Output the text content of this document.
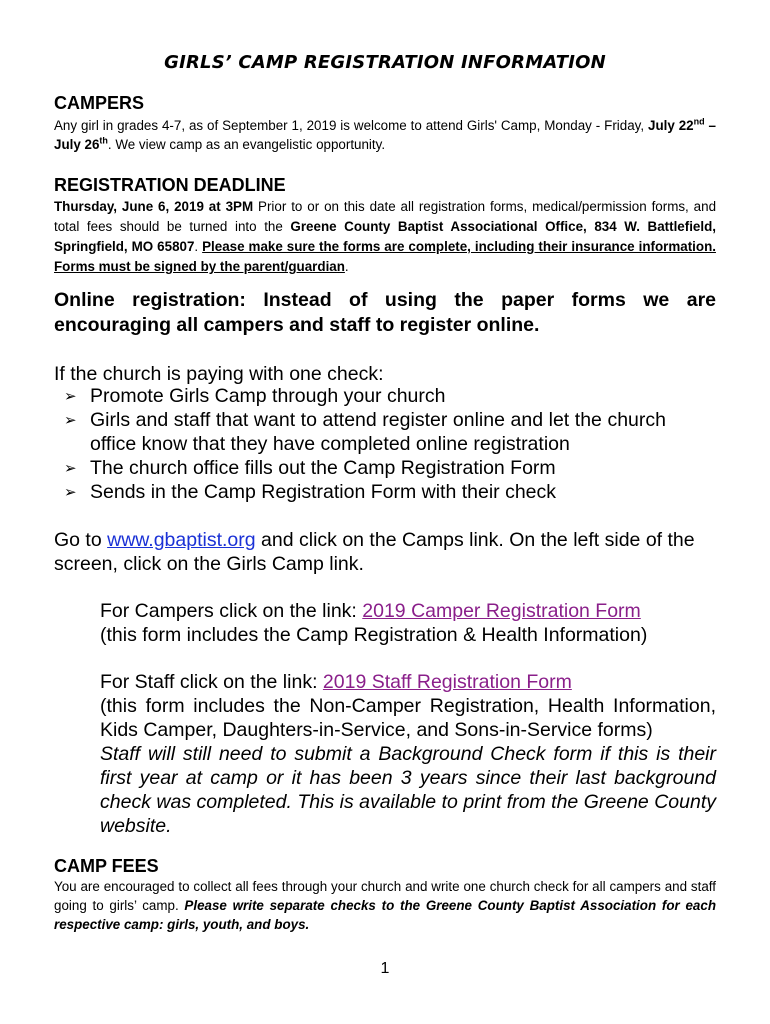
GIRLS’ CAMP REGISTRATION INFORMATION
CAMPERS
Any girl in grades 4-7, as of September 1, 2019 is welcome to attend Girls' Camp, Monday - Friday, July 22nd – July 26th. We view camp as an evangelistic opportunity.
REGISTRATION DEADLINE
Thursday, June 6, 2019 at 3PM Prior to or on this date all registration forms, medical/permission forms, and total fees should be turned into the Greene County Baptist Associational Office, 834 W. Battlefield, Springfield, MO 65807. Please make sure the forms are complete, including their insurance information. Forms must be signed by the parent/guardian.
Online registration: Instead of using the paper forms we are encouraging all campers and staff to register online.
If the church is paying with one check:
➢ Promote Girls Camp through your church
➢ Girls and staff that want to attend register online and let the church office know that they have completed online registration
➢ The church office fills out the Camp Registration Form
➢ Sends in the Camp Registration Form with their check
Go to www.gbaptist.org and click on the Camps link. On the left side of the screen, click on the Girls Camp link.
For Campers click on the link: 2019 Camper Registration Form
(this form includes the Camp Registration & Health Information)
For Staff click on the link: 2019 Staff Registration Form
(this form includes the Non-Camper Registration, Health Information, Kids Camper, Daughters-in-Service, and Sons-in-Service forms)
Staff will still need to submit a Background Check form if this is their first year at camp or it has been 3 years since their last background check was completed. This is available to print from the Greene County website.
CAMP FEES
You are encouraged to collect all fees through your church and write one church check for all campers and staff going to girls’ camp. Please write separate checks to the Greene County Baptist Association for each respective camp: girls, youth, and boys.
1
